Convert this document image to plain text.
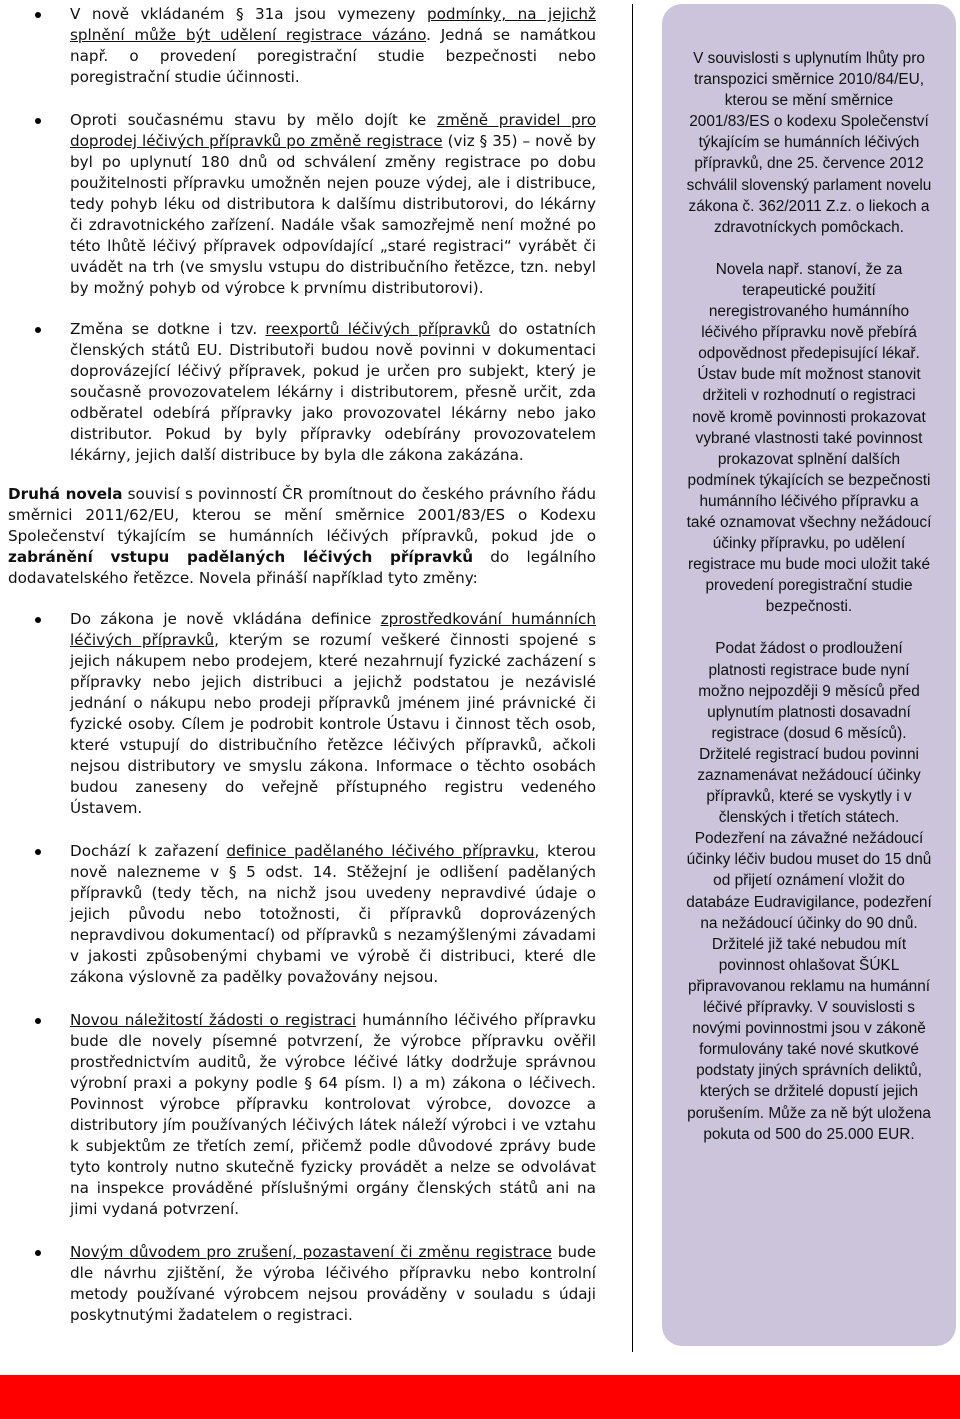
V nově vkládaném § 31a jsou vymezeny podmínky, na jejichž splnění může být udělení registrace vázáno. Jedná se namátkou např. o provedení poregistrační studie bezpečnosti nebo poregistrační studie účinnosti.

Oproti současnému stavu by mělo dojít ke změně pravidel pro doprodej léčivých přípravků po změně registrace (viz § 35) – nově by byl po uplynutí 180 dnů od schválení změny registrace po dobu použitelnosti přípravku umožněn nejen pouze výdej, ale i distribuce, tedy pohyb léku od distributora k dalšímu distributorovi, do lékárny či zdravotnického zařízení. Nadále však samozřejmě není možné po této lhůtě léčivý přípravek odpovídající „staré registraci“ vyrábět či uvádět na trh (ve smyslu vstupu do distribučního řetězce, tzn. nebyl by možný pohyb od výrobce k prvnímu distributorovi).

Změna se dotkne i tzv. reexportů léčivých přípravků do ostatních členských států EU. Distributoři budou nově povinni v dokumentaci doprovázející léčivý přípravek, pokud je určen pro subjekt, který je současně provozovatelem lékárny i distributorem, přesně určit, zda odběratel odebírá přípravky jako provozovatel lékárny nebo jako distributor. Pokud by byly přípravky odebírány provozovatelem lékárny, jejich další distribuce by byla dle zákona zakázána.

Druhá novela souvisí s povinností ČR promítnout do českého právního řádu směrnici 2011/62/EU, kterou se mění směrnice 2001/83/ES o Kodexu Společenství týkajícím se humánních léčivých přípravků, pokud jde o zabránění vstupu padělaných léčivých přípravků do legálního dodavatelského řetězce. Novela přináší například tyto změny:

Do zákona je nově vkládána definice zprostředkování humánních léčivých přípravků, kterým se rozumí veškeré činnosti spojené s jejich nákupem nebo prodejem, které nezahrnují fyzické zacházení s přípravky nebo jejich distribuci a jejichž podstatou je nezávislé jednání o nákupu nebo prodeji přípravků jménem jiné právnické či fyzické osoby. Cílem je podrobit kontrole Ústavu i činnost těch osob, které vstupují do distribučního řetězce léčivých přípravků, ačkoli nejsou distributory ve smyslu zákona. Informace o těchto osobách budou zaneseny do veřejně přístupného registru vedeného Ústavem.

Dochází k zařazení definice padělaného léčivého přípravku, kterou nově nalezneme v § 5 odst. 14. Stěžejní je odlišení padělaných přípravků (tedy těch, na nichž jsou uvedeny nepravdivé údaje o jejich původu nebo totožnosti, či přípravků doprovázených nepravdivou dokumentací) od přípravků s nezamýšlenými závadami v jakosti způsobenými chybami ve výrobě či distribuci, které dle zákona výslovně za padělky považovány nejsou.

Novou náležitostí žádosti o registraci humánního léčivého přípravku bude dle novely písemné potvrzení, že výrobce přípravku ověřil prostřednictvím auditů, že výrobce léčivé látky dodržuje správnou výrobní praxi a pokyny podle § 64 písm. l) a m) zákona o léčivech. Povinnost výrobce přípravku kontrolovat výrobce, dovozce a distributory jím používaných léčivých látek náleží výrobci i ve vztahu k subjektům ze třetích zemí, přičemž podle důvodové zprávy bude tyto kontroly nutno skutečně fyzicky provádět a nelze se odvolávat na inspekce prováděné příslušnými orgány členských států ani na jimi vydaná potvrzení.

Novým důvodem pro zrušení, pozastavení či změnu registrace bude dle návrhu zjištění, že výroba léčivého přípravku nebo kontrolní metody používané výrobcem nejsou prováděny v souladu s údaji poskytnutými žadatelem o registraci.

V souvislosti s uplynutím lhůty pro transpozici směrnice 2010/84/EU, kterou se mění směrnice 2001/83/ES o kodexu Společenství týkajícím se humánních léčivých přípravků, dne 25. července 2012 schválil slovenský parlament novelu zákona č. 362/2011 Z.z. o liekoch a zdravotníckych pomôckach.

Novela např. stanoví, že za terapeutické použití neregistrovaného humánního léčivého přípravku nově přebírá odpovědnost předepisující lékař. Ústav bude mít možnost stanovit držiteli v rozhodnutí o registraci nově kromě povinnosti prokazovat vybrané vlastnosti také povinnost prokazovat splnění dalších podmínek týkajících se bezpečnosti humánního léčivého přípravku a také oznamovat všechny nežádoucí účinky přípravku, po udělení registrace mu bude moci uložit také provedení poregistrační studie bezpečnosti.

Podat žádost o prodloužení platnosti registrace bude nyní možno nejpozději 9 měsíců před uplynutím platnosti dosavadní registrace (dosud 6 měsíců). Držitelé registrací budou povinni zaznamenávat nežádoucí účinky přípravků, které se vyskytly i v členských i třetích státech. Podezření na závažné nežádoucí účinky léčiv budou muset do 15 dnů od přijetí oznámení vložit do databáze Eudravigilance, podezření na nežádoucí účinky do 90 dnů. Držitelé již také nebudou mít povinnost ohlašovat ŠÚKL připravovanou reklamu na humánní léčivé přípravky. V souvislosti s novými povinnostmi jsou v zákoně formulovány také nové skutkové podstaty jiných správních deliktů, kterých se držitelé dopustí jejich porušením. Může za ně být uložena pokuta od 500 do 25.000 EUR.
